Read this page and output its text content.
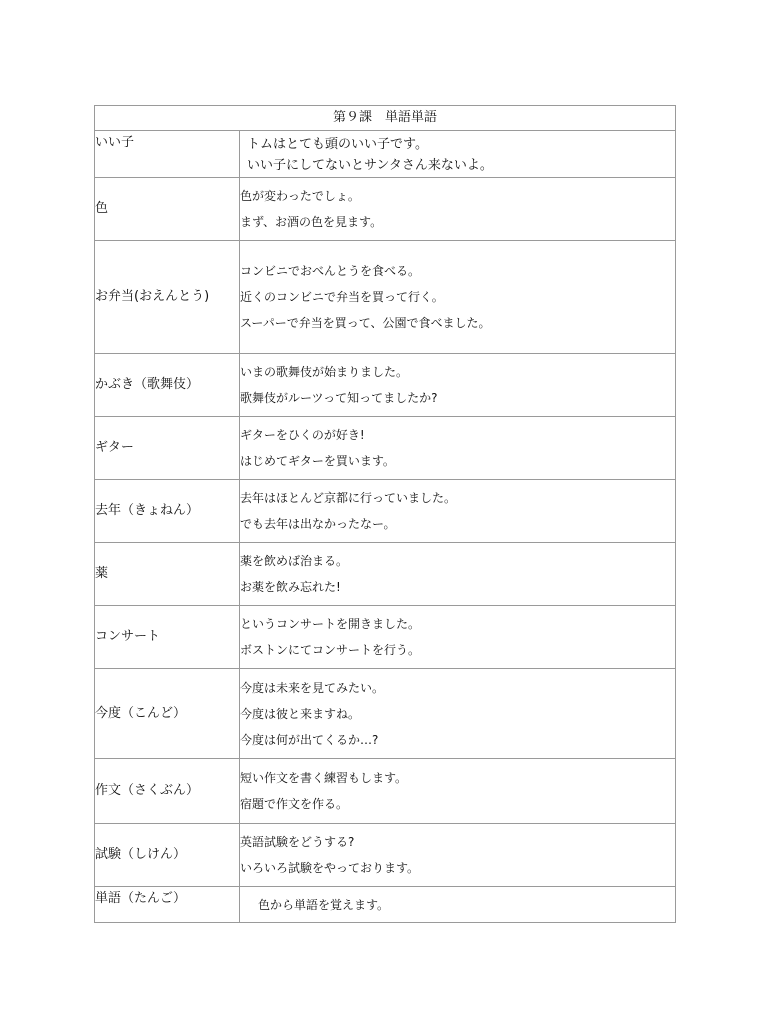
第９課　単語単語	
いい子	トムはとても頭のいい子です。
いい子にしてないとサンタさん来ないよ。

色	色が変わったでしょ。
まず、お酒の色を見ます。

お弁当(おえんとう)	コンビニでおべんとうを食べる。
近くのコンビニで弁当を買って行く。
スーパーで弁当を買って、公園で食べました。

かぶき（歌舞伎）	いまの歌舞伎が始まりました。
歌舞伎がルーツって知ってましたか?

ギター	ギターをひくのが好き!
はじめてギターを買います。

去年（きょねん）	去年はほとんど京都に行っていました。
でも去年は出なかったなー。

薬	薬を飲めば治まる。
お薬を飲み忘れた!

コンサート	というコンサートを開きました。
ボストンにてコンサートを行う。

今度（こんど）	今度は未来を見てみたい。
今度は彼と来ますね。
今度は何が出てくるか…?

作文（さくぶん）	短い作文を書く練習もします。
宿題で作文を作る。

試験（しけん）	英語試験をどうする?
いろいろ試験をやっております。

単語（たんご）	色から単語を覚えます。
